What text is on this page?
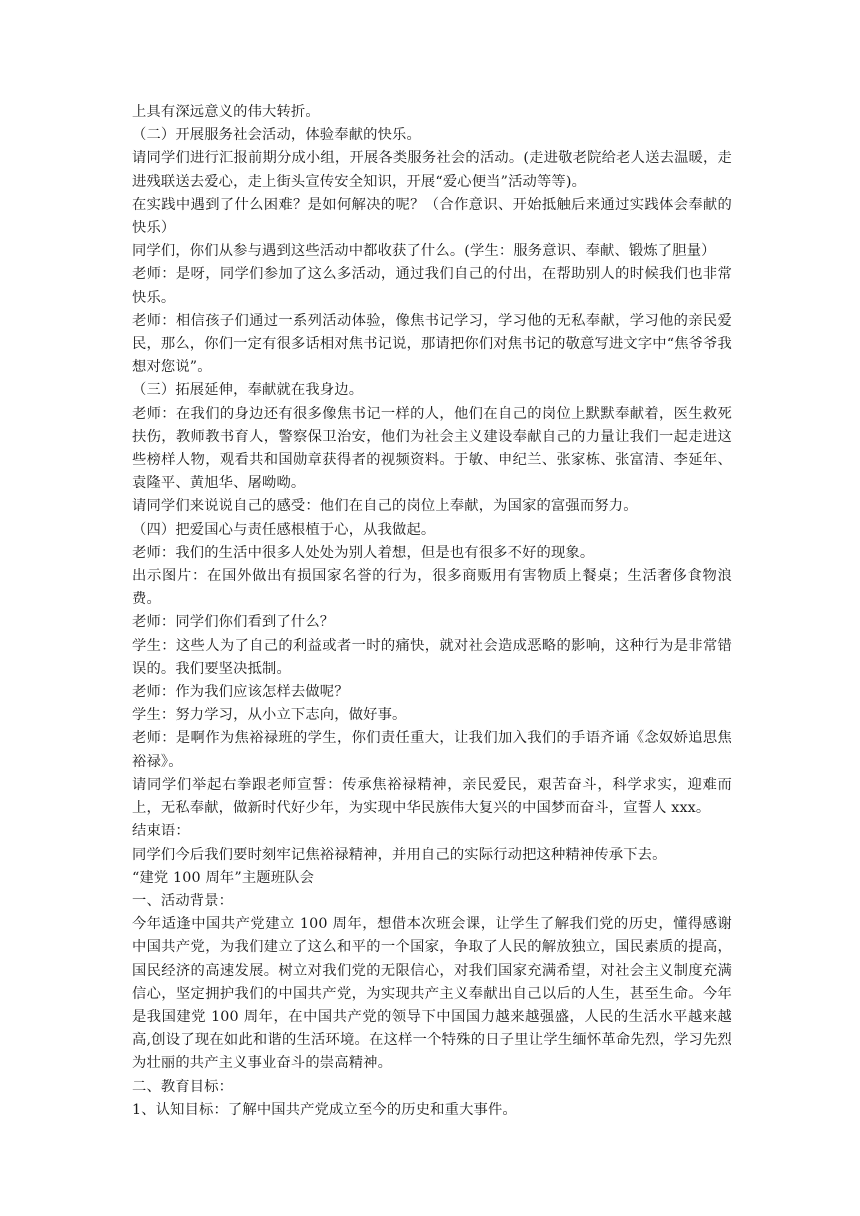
上具有深远意义的伟大转折。

（二）开展服务社会活动，体验奉献的快乐。

请同学们进行汇报前期分成小组，开展各类服务社会的活动。(走进敬老院给老人送去温暖，走进残联送去爱心，走上街头宣传安全知识，开展“爱心便当”活动等等)。

在实践中遇到了什么困难？是如何解决的呢？（合作意识、开始抵触后来通过实践体会奉献的快乐）

同学们，你们从参与遇到这些活动中都收获了什么。(学生：服务意识、奉献、锻炼了胆量）

老师：是呀，同学们参加了这么多活动，通过我们自己的付出，在帮助别人的时候我们也非常快乐。

老师：相信孩子们通过一系列活动体验，像焦书记学习，学习他的无私奉献，学习他的亲民爱民，那么，你们一定有很多话相对焦书记说，那请把你们对焦书记的敬意写进文字中“焦爷爷我想对您说”。

（三）拓展延伸，奉献就在我身边。

老师：在我们的身边还有很多像焦书记一样的人，他们在自己的岗位上默默奉献着，医生救死扶伤，教师教书育人，警察保卫治安，他们为社会主义建设奉献自己的力量让我们一起走进这些榜样人物，观看共和国勋章获得者的视频资料。于敏、申纪兰、张家栋、张富清、李延年、袁隆平、黄旭华、屠呦呦。

请同学们来说说自己的感受：他们在自己的岗位上奉献，为国家的富强而努力。

（四）把爱国心与责任感根植于心，从我做起。

老师：我们的生活中很多人处处为别人着想，但是也有很多不好的现象。

出示图片：在国外做出有损国家名誉的行为，很多商贩用有害物质上餐桌；生活奢侈食物浪费。

老师：同学们你们看到了什么？

学生：这些人为了自己的利益或者一时的痛快，就对社会造成恶略的影响，这种行为是非常错误的。我们要坚决抵制。

老师：作为我们应该怎样去做呢？

学生：努力学习，从小立下志向，做好事。

老师：是啊作为焦裕禄班的学生，你们责任重大，让我们加入我们的手语齐诵《念奴娇追思焦裕禄》。

请同学们举起右拳跟老师宣誓：传承焦裕禄精神，亲民爱民，艰苦奋斗，科学求实，迎难而上，无私奉献，做新时代好少年，为实现中华民族伟大复兴的中国梦而奋斗，宣誓人 xxx。

结束语：

同学们今后我们要时刻牢记焦裕禄精神，并用自己的实际行动把这种精神传承下去。

“建党 100 周年”主题班队会

一、活动背景：

今年适逢中国共产党建立 100 周年，想借本次班会课，让学生了解我们党的历史，懂得感谢中国共产党，为我们建立了这么和平的一个国家，争取了人民的解放独立，国民素质的提高，国民经济的高速发展。树立对我们党的无限信心，对我们国家充满希望，对社会主义制度充满信心，坚定拥护我们的中国共产党，为实现共产主义奉献出自己以后的人生，甚至生命。今年是我国建党 100 周年，在中国共产党的领导下中国国力越来越强盛，人民的生活水平越来越高,创设了现在如此和谐的生活环境。在这样一个特殊的日子里让学生缅怀革命先烈，学习先烈为壮丽的共产主义事业奋斗的崇高精神。

二、教育目标：

1、认知目标：了解中国共产党成立至今的历史和重大事件。
